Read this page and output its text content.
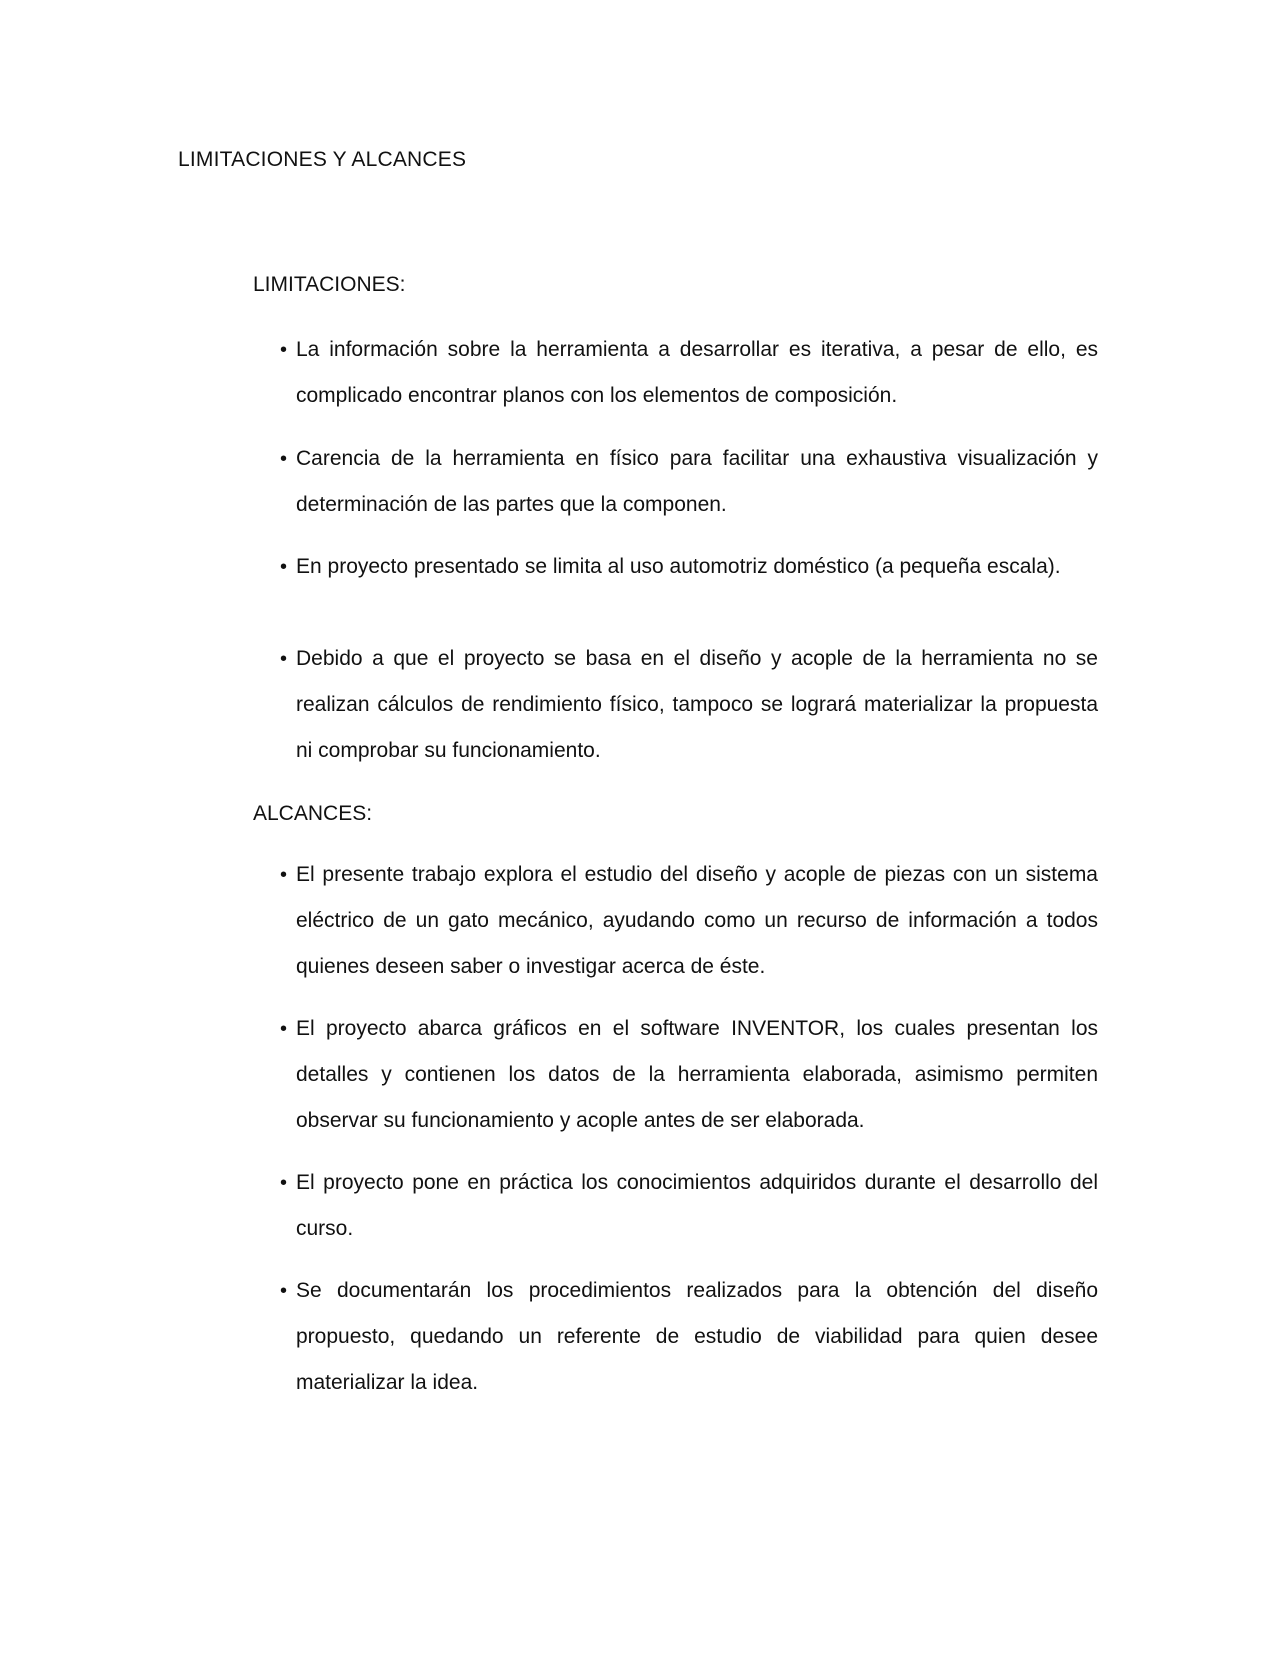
LIMITACIONES Y ALCANCES
LIMITACIONES:
• La información sobre la herramienta a desarrollar es iterativa, a pesar de ello, es complicado encontrar planos con los elementos de composición.
• Carencia de la herramienta en físico para facilitar una exhaustiva visualización y determinación de las partes que la componen.
• En proyecto presentado se limita al uso automotriz doméstico (a pequeña escala).
• Debido a que el proyecto se basa en el diseño y acople de la herramienta no se realizan cálculos de rendimiento físico, tampoco se logrará materializar la propuesta ni comprobar su funcionamiento.
ALCANCES:
• El presente trabajo explora el estudio del diseño y acople de piezas con un sistema eléctrico de un gato mecánico, ayudando como un recurso de información a todos quienes deseen saber o investigar acerca de éste.
• El proyecto abarca gráficos en el software INVENTOR, los cuales presentan los detalles y contienen los datos de la herramienta elaborada, asimismo permiten observar su funcionamiento y acople antes de ser elaborada.
• El proyecto pone en práctica los conocimientos adquiridos durante el desarrollo del curso.
• Se documentarán los procedimientos realizados para la obtención del diseño propuesto, quedando un referente de estudio de viabilidad para quien desee materializar la idea.
